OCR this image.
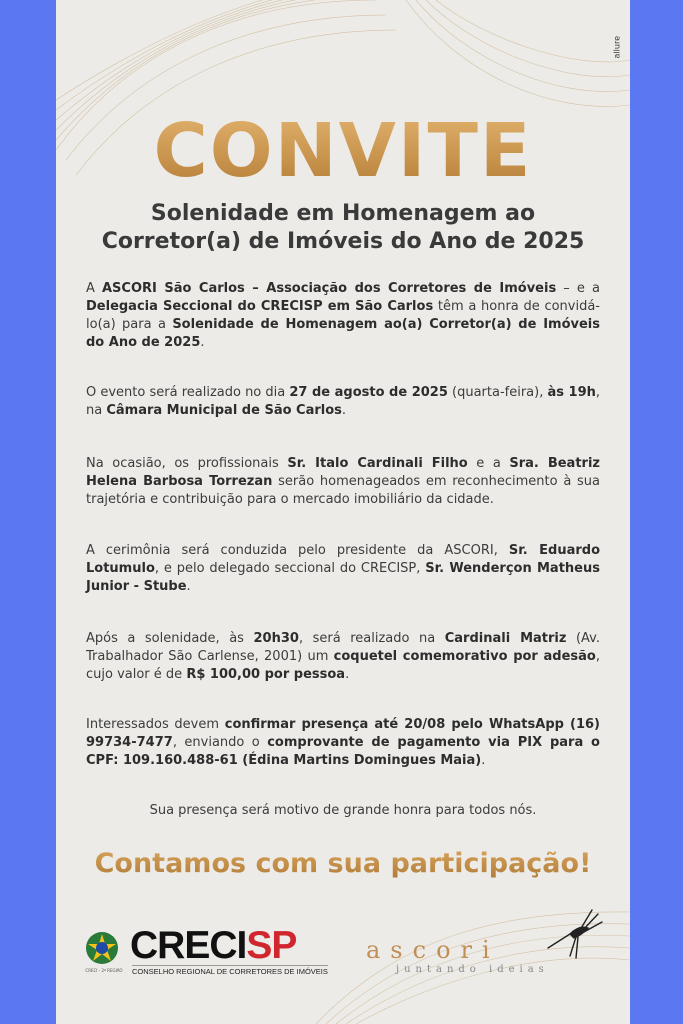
allure
CONVITE
Solenidade em Homenagem ao
Corretor(a) de Imóveis do Ano de 2025
A ASCORI São Carlos – Associação dos Corretores de Imóveis – e a Delegacia Seccional do CRECISP em São Carlos têm a honra de convidá-lo(a) para a Solenidade de Homenagem ao(a) Corretor(a) de Imóveis do Ano de 2025.
O evento será realizado no dia 27 de agosto de 2025 (quarta-feira), às 19h, na Câmara Municipal de São Carlos.
Na ocasião, os profissionais Sr. Italo Cardinali Filho e a Sra. Beatriz Helena Barbosa Torrezan serão homenageados em reconhecimento à sua trajetória e contribuição para o mercado imobiliário da cidade.
A cerimônia será conduzida pelo presidente da ASCORI, Sr. Eduardo Lotumulo, e pelo delegado seccional do CRECISP, Sr. Wenderçon Matheus Junior - Stube.
Após a solenidade, às 20h30, será realizado na Cardinali Matriz (Av. Trabalhador São Carlense, 2001) um coquetel comemorativo por adesão, cujo valor é de R$ 100,00 por pessoa.
Interessados devem confirmar presença até 20/08 pelo WhatsApp (16) 99734-7477, enviando o comprovante de pagamento via PIX para o CPF: 109.160.488-61 (Édina Martins Domingues Maia).
Sua presença será motivo de grande honra para todos nós.
Contamos com sua participação!
CRECI - 2ª REGIÃO
CRECISP
CONSELHO REGIONAL DE CORRETORES DE IMÓVEIS
ascori
juntando ideias
